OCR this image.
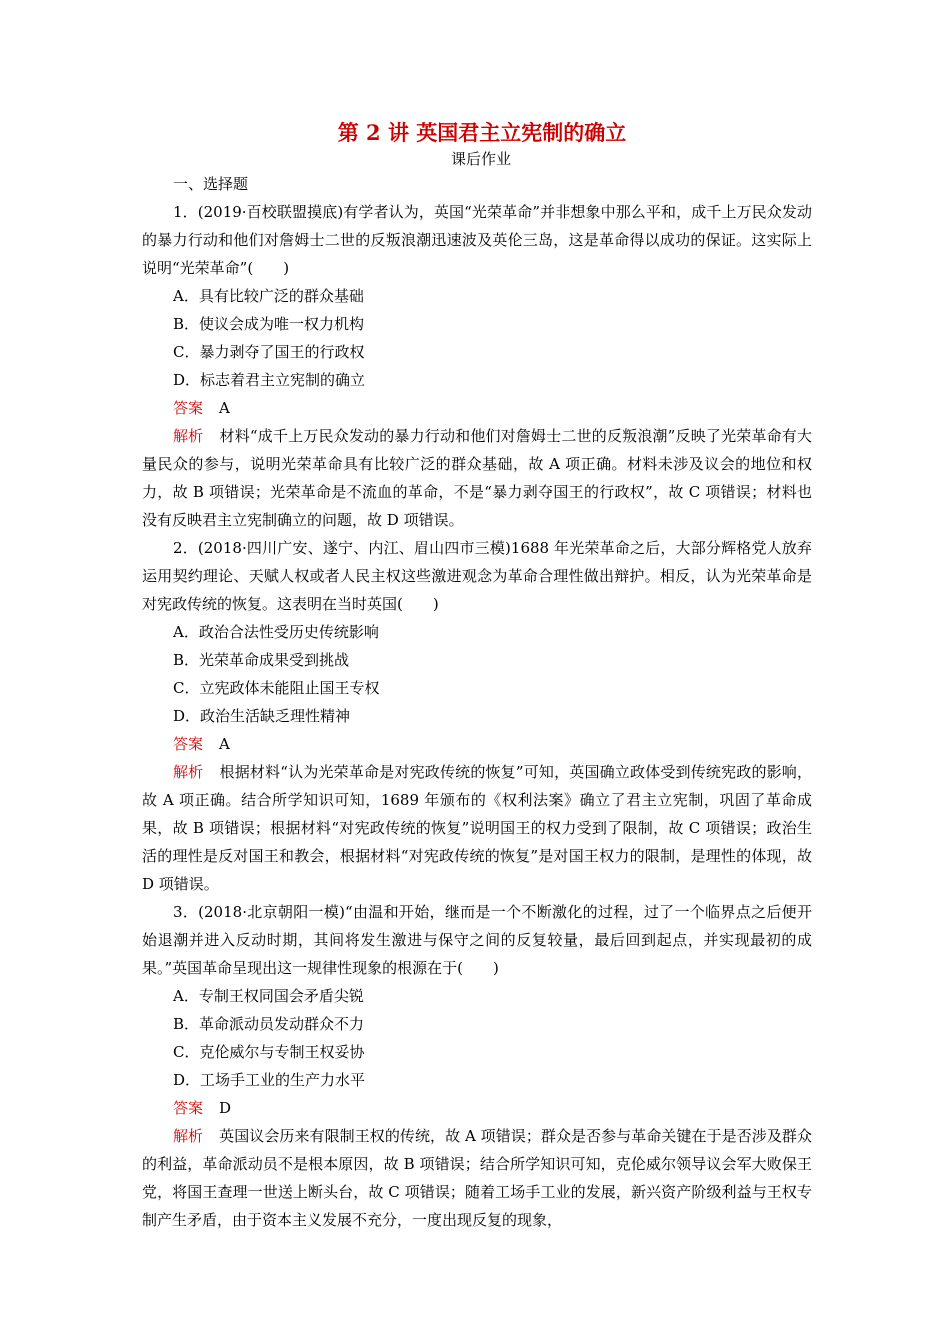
第 2 讲 英国君主立宪制的确立
课后作业
一、选择题
1．(2019·百校联盟摸底)有学者认为，英国“光荣革命”并非想象中那么平和，成千上万民众发动的暴力行动和他们对詹姆士二世的反叛浪潮迅速波及英伦三岛，这是革命得以成功的保证。这实际上说明“光荣革命”(　　)
A．具有比较广泛的群众基础
B．使议会成为唯一权力机构
C．暴力剥夺了国王的行政权
D．标志着君主立宪制的确立
答案 A
解析 材料“成千上万民众发动的暴力行动和他们对詹姆士二世的反叛浪潮”反映了光荣革命有大量民众的参与，说明光荣革命具有比较广泛的群众基础，故 A 项正确。材料未涉及议会的地位和权力，故 B 项错误；光荣革命是不流血的革命，不是“暴力剥夺国王的行政权”，故 C 项错误；材料也没有反映君主立宪制确立的问题，故 D 项错误。
2．(2018·四川广安、遂宁、内江、眉山四市三模)1688 年光荣革命之后，大部分辉格党人放弃运用契约理论、天赋人权或者人民主权这些激进观念为革命合理性做出辩护。相反，认为光荣革命是对宪政传统的恢复。这表明在当时英国(　　)
A．政治合法性受历史传统影响
B．光荣革命成果受到挑战
C．立宪政体未能阻止国王专权
D．政治生活缺乏理性精神
答案 A
解析 根据材料“认为光荣革命是对宪政传统的恢复”可知，英国确立政体受到传统宪政的影响，故 A 项正确。结合所学知识可知，1689 年颁布的《权利法案》确立了君主立宪制，巩固了革命成果，故 B 项错误；根据材料“对宪政传统的恢复”说明国王的权力受到了限制，故 C 项错误；政治生活的理性是反对国王和教会，根据材料“对宪政传统的恢复”是对国王权力的限制，是理性的体现，故 D 项错误。
3．(2018·北京朝阳一模)“由温和开始，继而是一个不断激化的过程，过了一个临界点之后便开始退潮并进入反动时期，其间将发生激进与保守之间的反复较量，最后回到起点，并实现最初的成果。”英国革命呈现出这一规律性现象的根源在于(　　)
A．专制王权同国会矛盾尖锐
B．革命派动员发动群众不力
C．克伦威尔与专制王权妥协
D．工场手工业的生产力水平
答案 D
解析 英国议会历来有限制王权的传统，故 A 项错误；群众是否参与革命关键在于是否涉及群众的利益，革命派动员不是根本原因，故 B 项错误；结合所学知识可知，克伦威尔领导议会军大败保王党，将国王查理一世送上断头台，故 C 项错误；随着工场手工业的发展，新兴资产阶级利益与王权专制产生矛盾，由于资本主义发展不充分，一度出现反复的现象，
